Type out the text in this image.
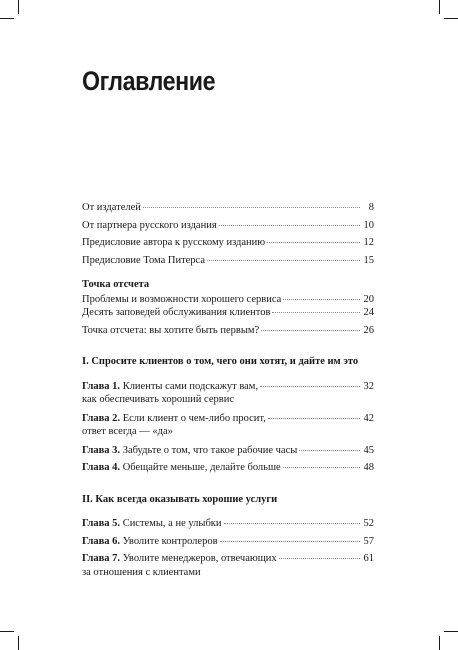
Оглавление
От издателей	8
От партнера русского издания	10
Предисловие автора к русскому изданию	12
Предисловие Тома Питерса	15
Точка отсчета
Проблемы и возможности хорошего сервиса	20
Десять заповедей обслуживания клиентов	24
Точка отсчета: вы хотите быть первым?	26
I. Спросите клиентов о том, чего они хотят, и дайте им это
Глава 1. Клиенты сами подскажут вам,	32
как обеспечивать хороший сервис
Глава 2. Если клиент о чем-либо просит,	42
ответ всегда — «да»
Глава 3. Забудьте о том, что такое рабочие часы	45
Глава 4. Обещайте меньше, делайте больше	48
II. Как всегда оказывать хорошие услуги
Глава 5. Системы, а не улыбки	52
Глава 6. Уволите контролеров	57
Глава 7. Уволите менеджеров, отвечающих	61
за отношения с клиентами
